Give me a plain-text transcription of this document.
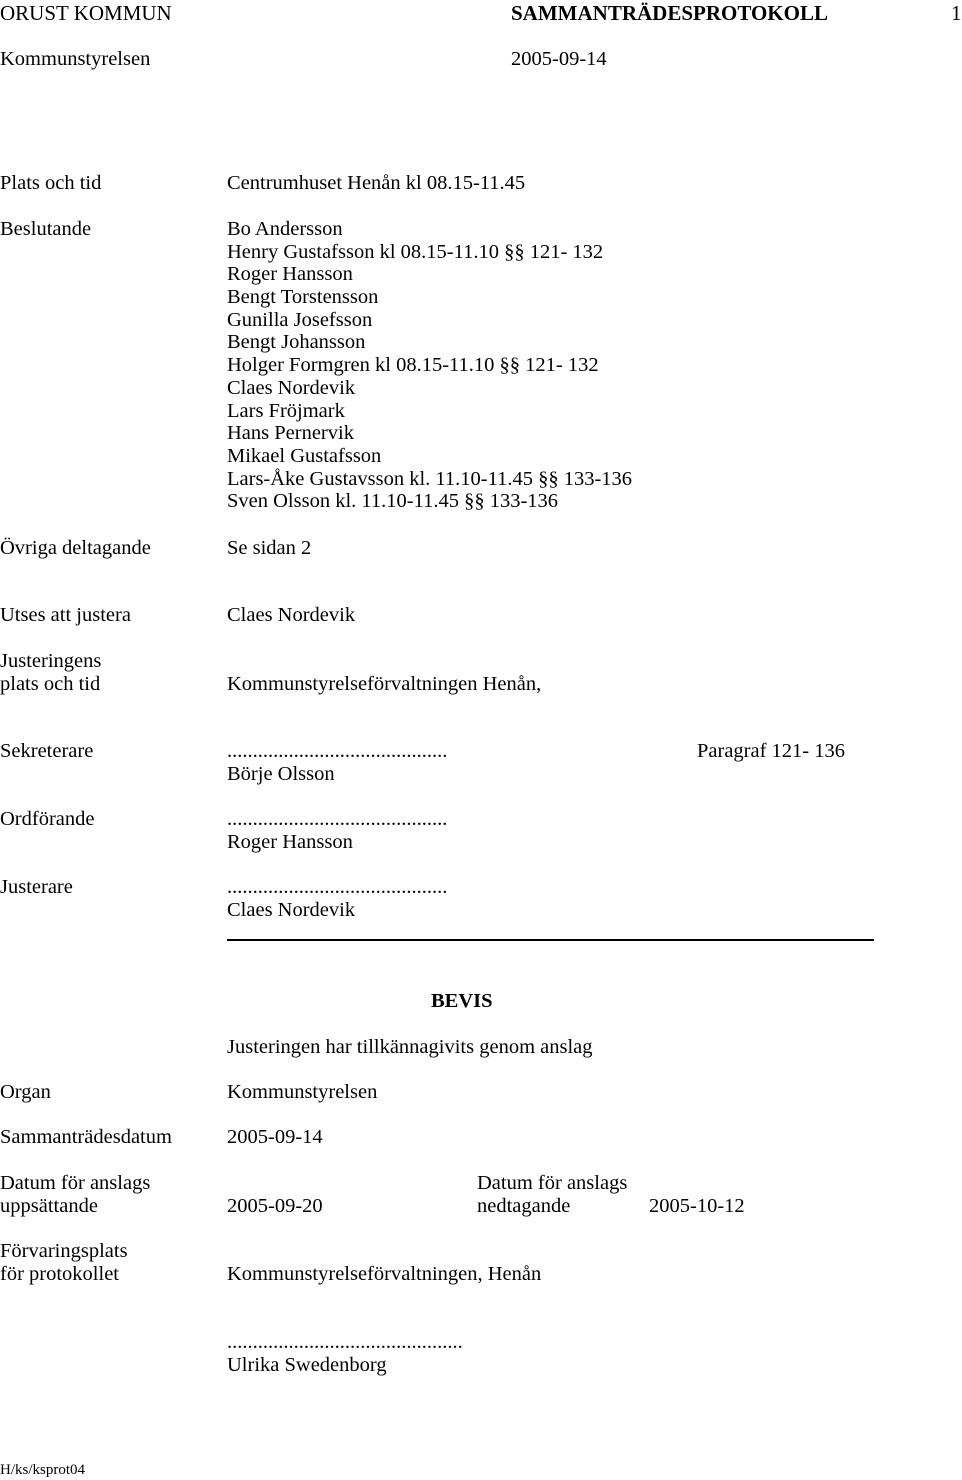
ORUST KOMMUN	SAMMANTRÄDESPROTOKOLL	1
Kommunstyrelsen	2005-09-14
Plats och tid	Centrumhuset Henån kl 08.15-11.45
Beslutande	Bo Andersson
Henry Gustafsson kl 08.15-11.10 §§ 121- 132
Roger Hansson
Bengt Torstensson
Gunilla Josefsson
Bengt Johansson
Holger Formgren kl 08.15-11.10 §§ 121- 132
Claes Nordevik
Lars Fröjmark
Hans Pernervik
Mikael Gustafsson
Lars-Åke Gustavsson kl. 11.10-11.45 §§ 133-136
Sven Olsson kl. 11.10-11.45 §§ 133-136
Övriga deltagande	Se sidan 2
Utses att justera	Claes Nordevik
Justeringens
plats och tid	Kommunstyrelseförvaltningen Henån,
Sekreterare	...........................................	Paragraf 121- 136
Börje Olsson
Ordförande	...........................................
Roger Hansson
Justerare	...........................................
Claes Nordevik
BEVIS
Justeringen har tillkännagivits genom anslag
Organ	Kommunstyrelsen
Sammanträdesdatum	2005-09-14
Datum för anslags
uppsättande	2005-09-20
Datum för anslags
nedtagande	2005-10-12
Förvaringsplats
för protokollet	Kommunstyrelseförvaltningen, Henån
..............................................
Ulrika Swedenborg
H/ks/ksprot04
